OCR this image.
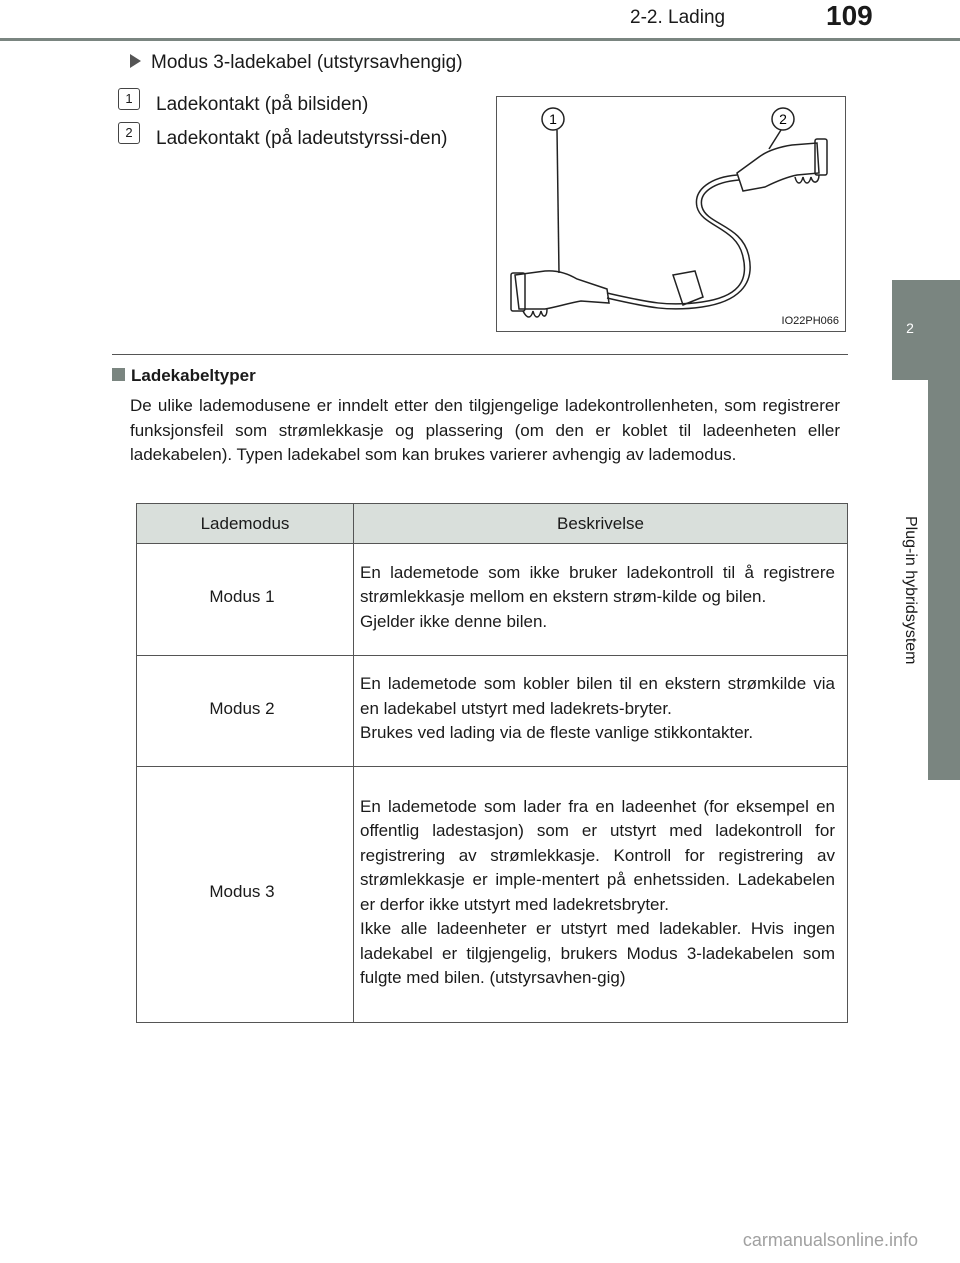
2-2. Lading	109
2
Plug-in hybridsystem
Modus 3-ladekabel (utstyrsavhengig)
1 Ladekontakt (på bilsiden)
2 Ladekontakt (på ladeutstyrssi-den)
1	2
IO22PH066
Ladekabeltyper
De ulike lademodusene er inndelt etter den tilgjengelige ladekontrollenheten, som registrerer funksjonsfeil som strømlekkasje og plassering (om den er koblet til ladeenheten eller ladekabelen). Typen ladekabel som kan brukes varierer avhengig av lademodus.
Lademodus	Beskrivelse
Modus 1	En lademetode som ikke bruker ladekontroll til å registrere strømlekkasje mellom en ekstern strøm-kilde og bilen.

Gjelder ikke denne bilen.

Modus 2	En lademetode som kobler bilen til en ekstern strømkilde via en ladekabel utstyrt med ladekrets-bryter.

Brukes ved lading via de fleste vanlige stikkontakter.

Modus 3	En lademetode som lader fra en ladeenhet (for eksempel en offentlig ladestasjon) som er utstyrt med ladekontroll for registrering av strømlekkasje. Kontroll for registrering av strømlekkasje er imple-mentert på enhetssiden. Ladekabelen er derfor ikke utstyrt med ladekretsbryter.

Ikke alle ladeenheter er utstyrt med ladekabler. Hvis ingen ladekabel er tilgjengelig, brukers Modus 3-ladekabelen som fulgte med bilen. (utstyrsavhen-gig)

carmanualsonline.info
